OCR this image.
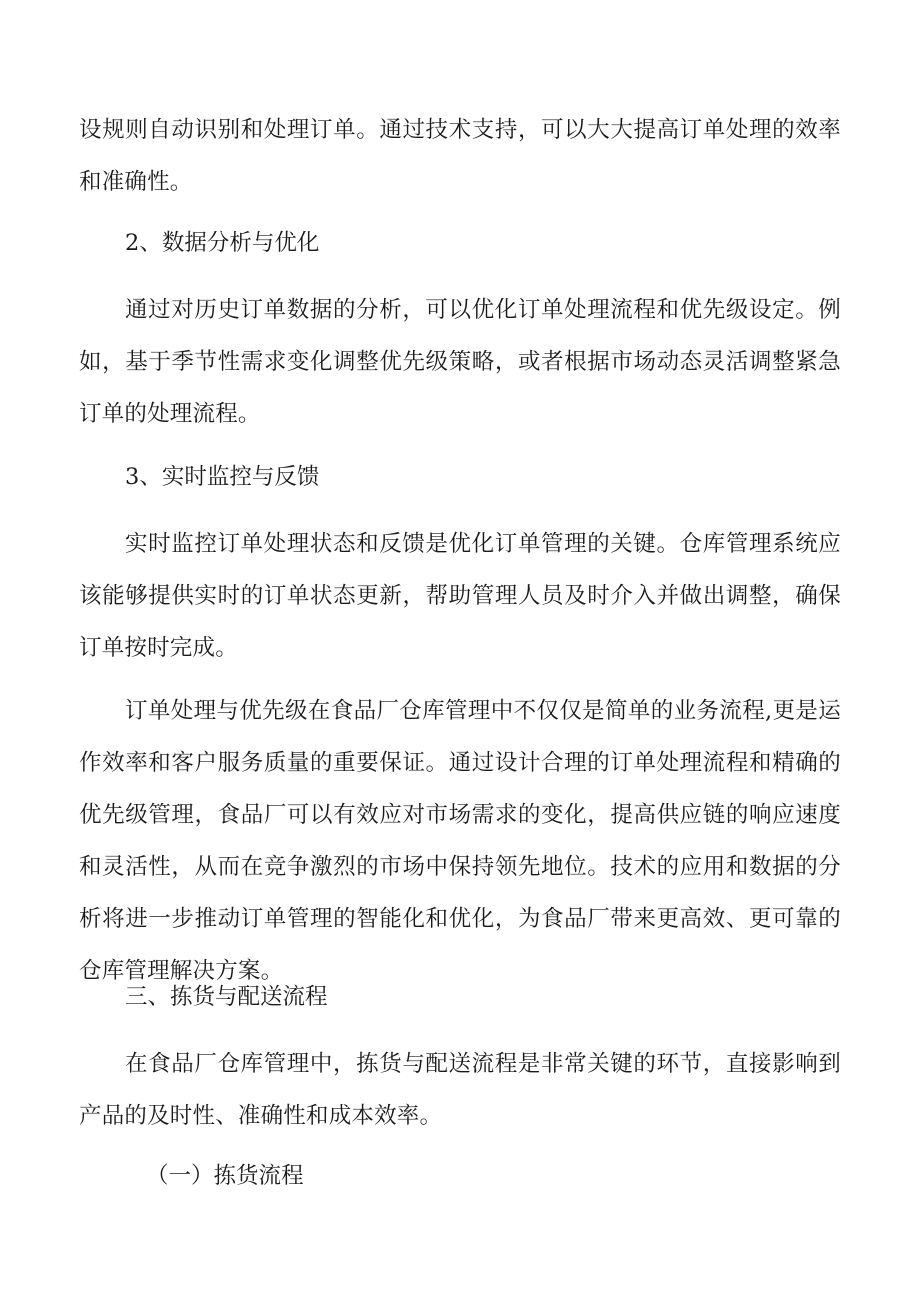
设规则自动识别和处理订单。通过技术支持，可以大大提高订单处理的效率和准确性。

2、数据分析与优化

通过对历史订单数据的分析，可以优化订单处理流程和优先级设定。例如，基于季节性需求变化调整优先级策略，或者根据市场动态灵活调整紧急订单的处理流程。

3、实时监控与反馈

实时监控订单处理状态和反馈是优化订单管理的关键。仓库管理系统应该能够提供实时的订单状态更新，帮助管理人员及时介入并做出调整，确保订单按时完成。

订单处理与优先级在食品厂仓库管理中不仅仅是简单的业务流程,更是运作效率和客户服务质量的重要保证。通过设计合理的订单处理流程和精确的优先级管理，食品厂可以有效应对市场需求的变化，提高供应链的响应速度和灵活性，从而在竞争激烈的市场中保持领先地位。技术的应用和数据的分析将进一步推动订单管理的智能化和优化，为食品厂带来更高效、更可靠的仓库管理解决方案。

三、拣货与配送流程

在食品厂仓库管理中，拣货与配送流程是非常关键的环节，直接影响到产品的及时性、准确性和成本效率。

（一）拣货流程
